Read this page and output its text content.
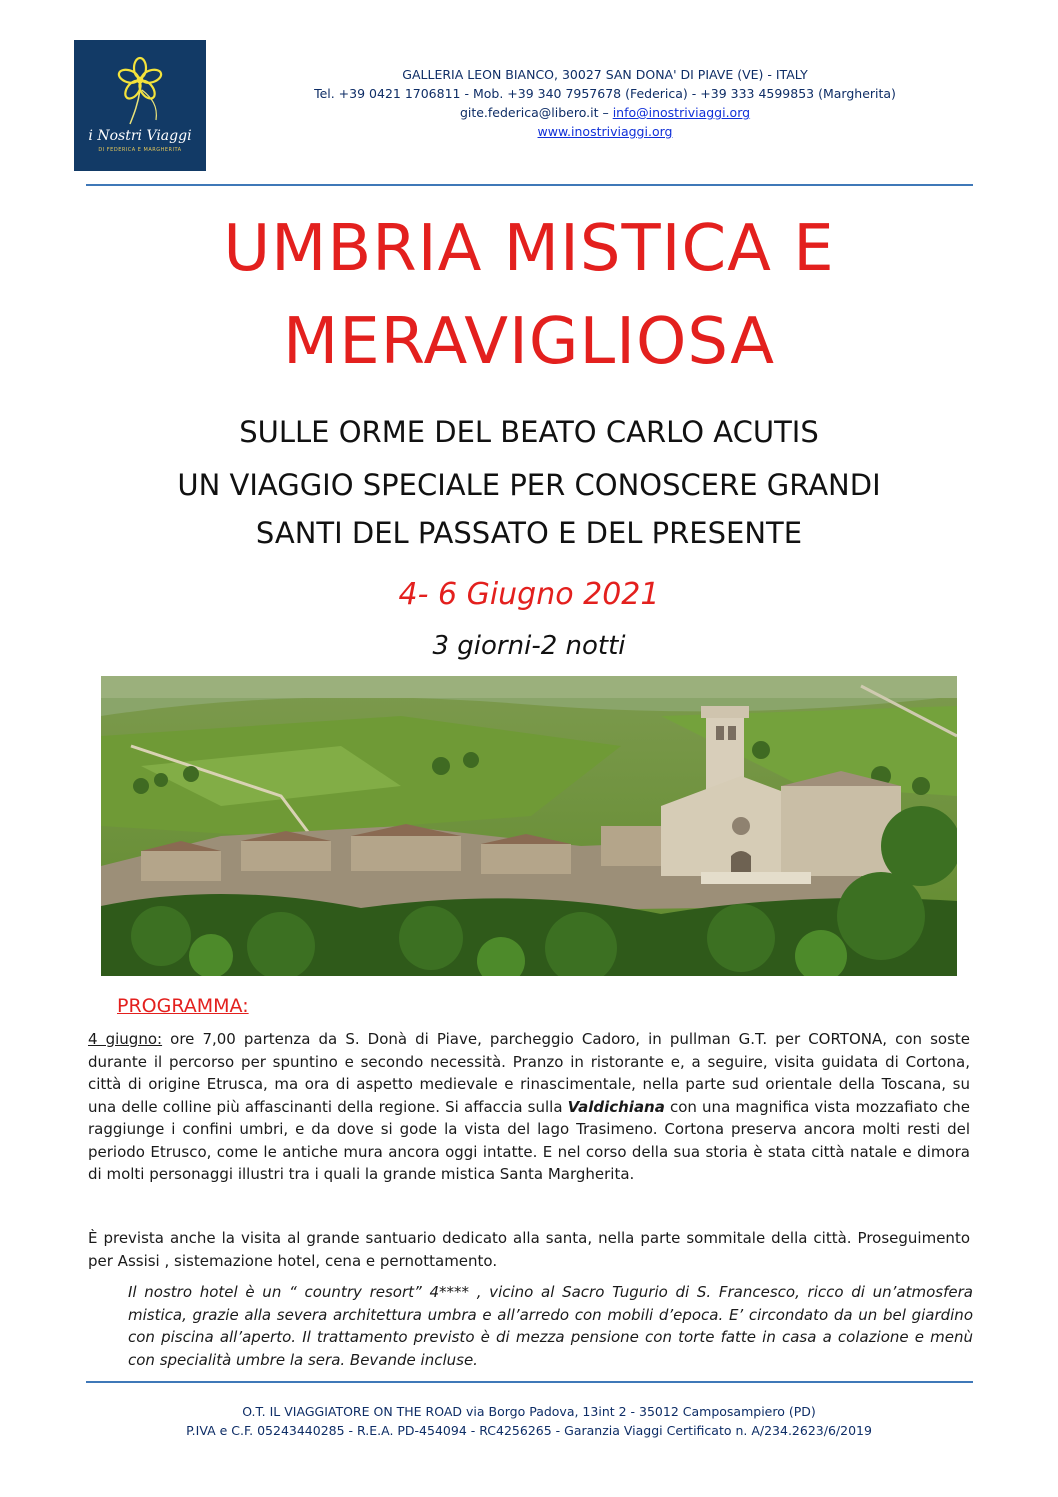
i Nostri Viaggi
DI FEDERICA E MARGHERITA
GALLERIA LEON BIANCO, 30027 SAN DONA' DI PIAVE (VE) - ITALY
Tel. +39 0421 1706811 - Mob. +39 340 7957678 (Federica) - +39 333 4599853 (Margherita)
gite.federica@libero.it – info@inostriviaggi.org
www.inostriviaggi.org
UMBRIA MISTICA E
MERAVIGLIOSA
SULLE ORME DEL BEATO CARLO ACUTIS
UN VIAGGIO SPECIALE PER CONOSCERE GRANDI
SANTI DEL PASSATO E DEL PRESENTE
4- 6 Giugno 2021
3 giorni-2 notti
PROGRAMMA:
4 giugno: ore 7,00 partenza da S. Donà di Piave, parcheggio Cadoro, in pullman G.T. per CORTONA, con soste durante il percorso per spuntino e secondo necessità. Pranzo in ristorante e, a seguire, visita guidata di Cortona, città di origine Etrusca, ma ora di aspetto medievale e rinascimentale, nella parte sud orientale della Toscana, su una delle colline più affascinanti della regione. Si affaccia sulla Valdichiana con una magnifica vista mozzafiato che raggiunge i confini umbri, e da dove si gode la vista del lago Trasimeno. Cortona preserva ancora molti resti del periodo Etrusco, come le antiche mura ancora oggi intatte. E nel corso della sua storia è stata città natale e dimora di molti personaggi illustri tra i quali la grande mistica Santa Margherita.
È prevista anche la visita al grande santuario dedicato alla santa, nella parte sommitale della città. Proseguimento per Assisi , sistemazione hotel, cena e pernottamento.
Il nostro hotel è un “ country resort” 4**** , vicino al Sacro Tugurio di S. Francesco, ricco di un’atmosfera mistica, grazie alla severa architettura umbra e all’arredo con mobili d’epoca. E’ circondato da un bel giardino con piscina all’aperto. Il trattamento previsto è di mezza pensione con torte fatte in casa a colazione e menù con specialità umbre la sera. Bevande incluse.
O.T. IL VIAGGIATORE ON THE ROAD via Borgo Padova, 13int 2 - 35012 Camposampiero (PD)
P.IVA e C.F. 05243440285 - R.E.A. PD-454094 - RC4256265 - Garanzia Viaggi Certificato n. A/234.2623/6/2019
